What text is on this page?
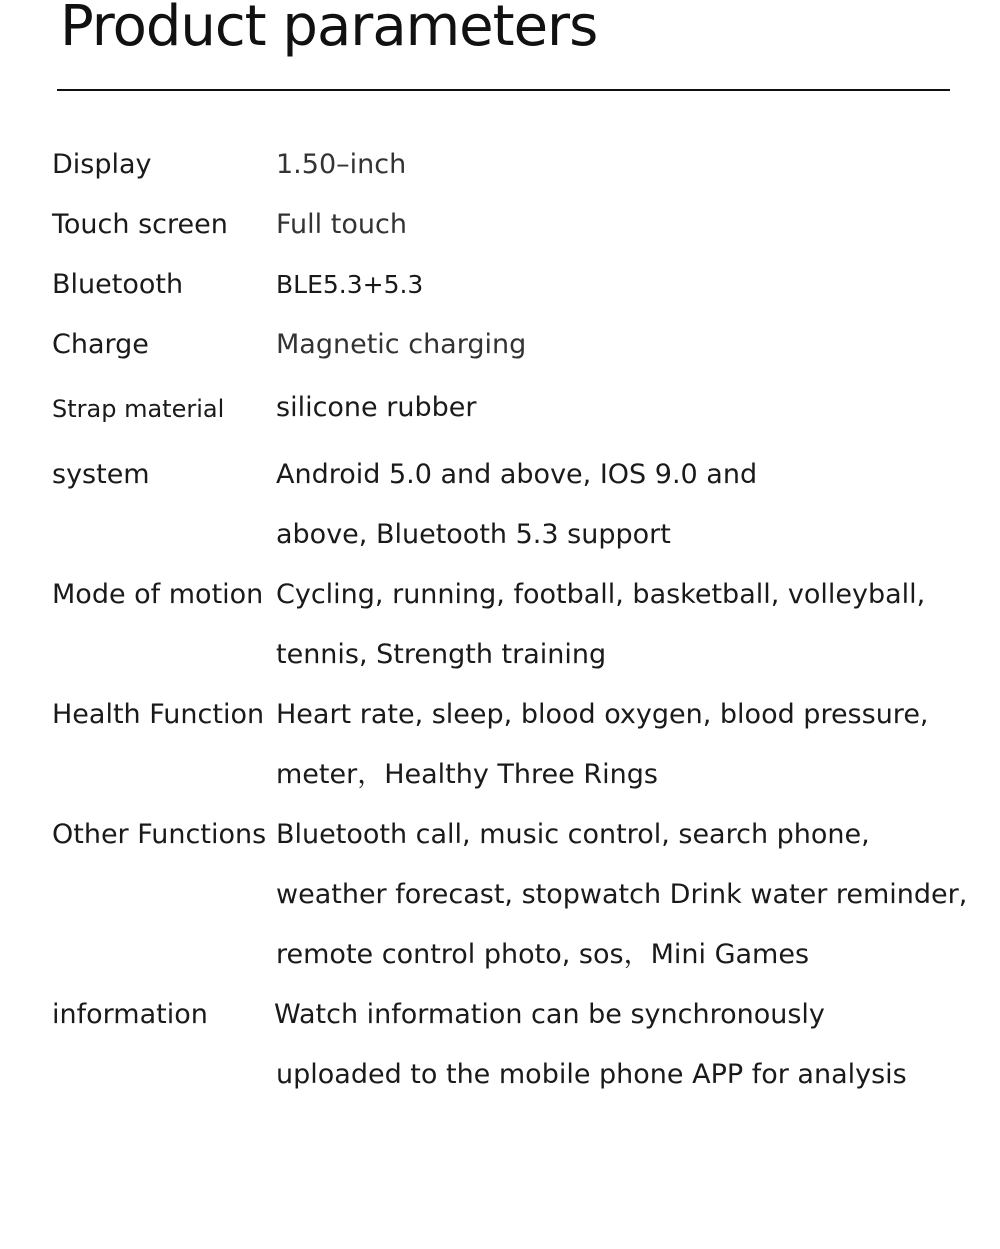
Product parameters
Display	1.50–inch
Touch screen Full touch
Bluetooth	BLE5.3+5.3
Charge	Magnetic charging
Strap material silicone rubber
system	Android 5.0 and above, IOS 9.0 and
above, Bluetooth 5.3 support
Mode of motion Cycling, running, football, basketball, volleyball,
tennis, Strength training
Health Function Heart rate, sleep, blood oxygen, blood pressure,
meter，Healthy Three Rings
Other Functions Bluetooth call, music control, search phone,
weather forecast, stopwatch Drink water reminder,
remote control photo, sos，Mini Games
information Watch information can be synchronously
uploaded to the mobile phone APP for analysis
